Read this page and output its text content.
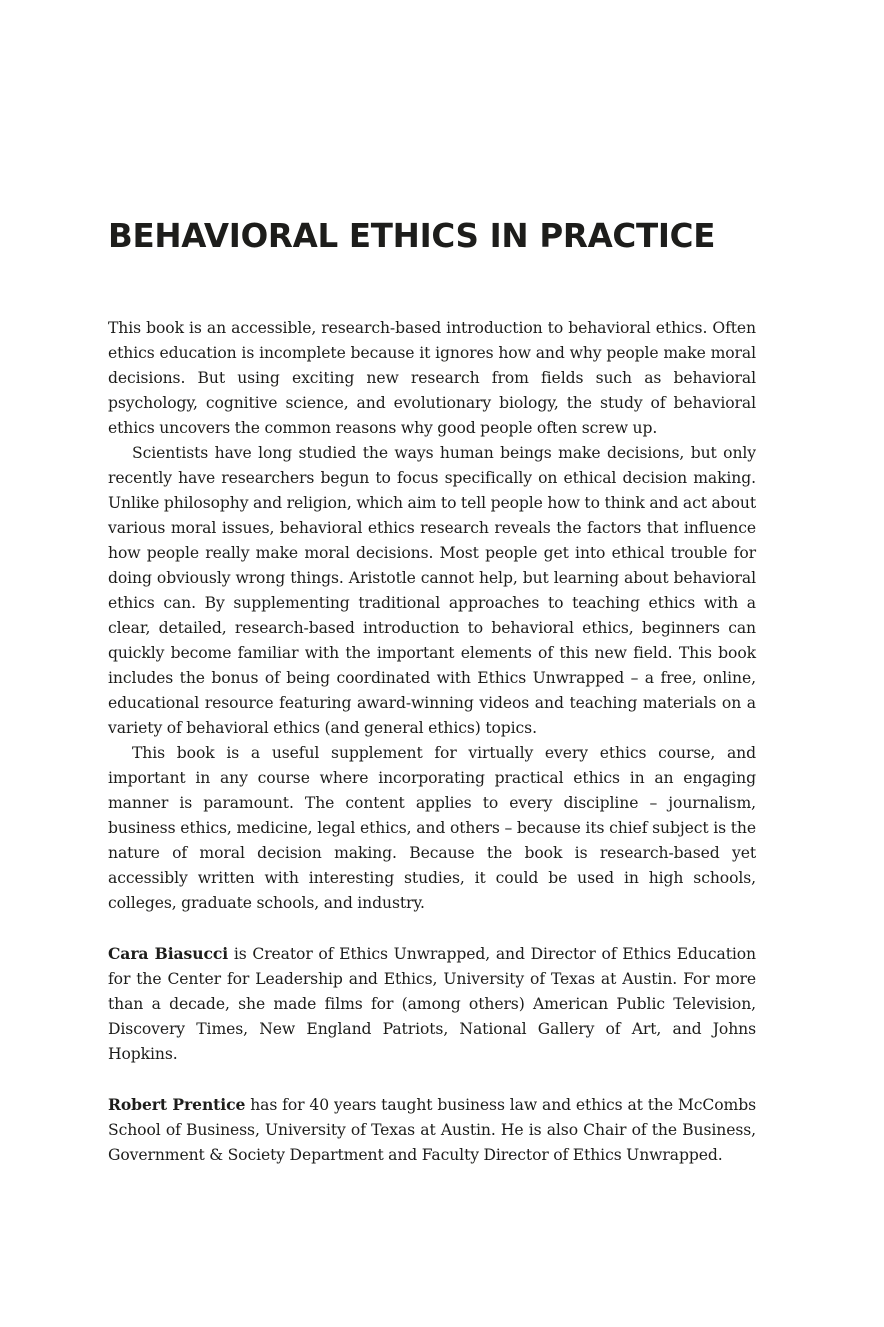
BEHAVIORAL ETHICS IN PRACTICE

This book is an accessible, research-based introduction to behavioral ethics. Often ethics education is incomplete because it ignores how and why people make moral decisions. But using exciting new research from fields such as behavioral psychology, cognitive science, and evolutionary biology, the study of behavioral ethics uncovers the common reasons why good people often screw up.

Scientists have long studied the ways human beings make decisions, but only recently have researchers begun to focus specifically on ethical decision making. Unlike philosophy and religion, which aim to tell people how to think and act about various moral issues, behavioral ethics research reveals the factors that influence how people really make moral decisions. Most people get into ethical trouble for doing obviously wrong things. Aristotle cannot help, but learning about behavioral ethics can. By supplementing traditional approaches to teaching ethics with a clear, detailed, research-based introduction to behavioral ethics, beginners can quickly become familiar with the important elements of this new field. This book includes the bonus of being coordinated with Ethics Unwrapped – a free, online, educational resource featuring award-winning videos and teaching materials on a variety of behavioral ethics (and general ethics) topics.

This book is a useful supplement for virtually every ethics course, and important in any course where incorporating practical ethics in an engaging manner is paramount. The content applies to every discipline – journalism, business ethics, medicine, legal ethics, and others – because its chief subject is the nature of moral decision making. Because the book is research-based yet accessibly written with interesting studies, it could be used in high schools, colleges, graduate schools, and industry.

Cara Biasucci is Creator of Ethics Unwrapped, and Director of Ethics Education for the Center for Leadership and Ethics, University of Texas at Austin. For more than a decade, she made films for (among others) American Public Television, Discovery Times, New England Patriots, National Gallery of Art, and Johns Hopkins.

Robert Prentice has for 40 years taught business law and ethics at the McCombs School of Business, University of Texas at Austin. He is also Chair of the Business, Government & Society Department and Faculty Director of Ethics Unwrapped.
